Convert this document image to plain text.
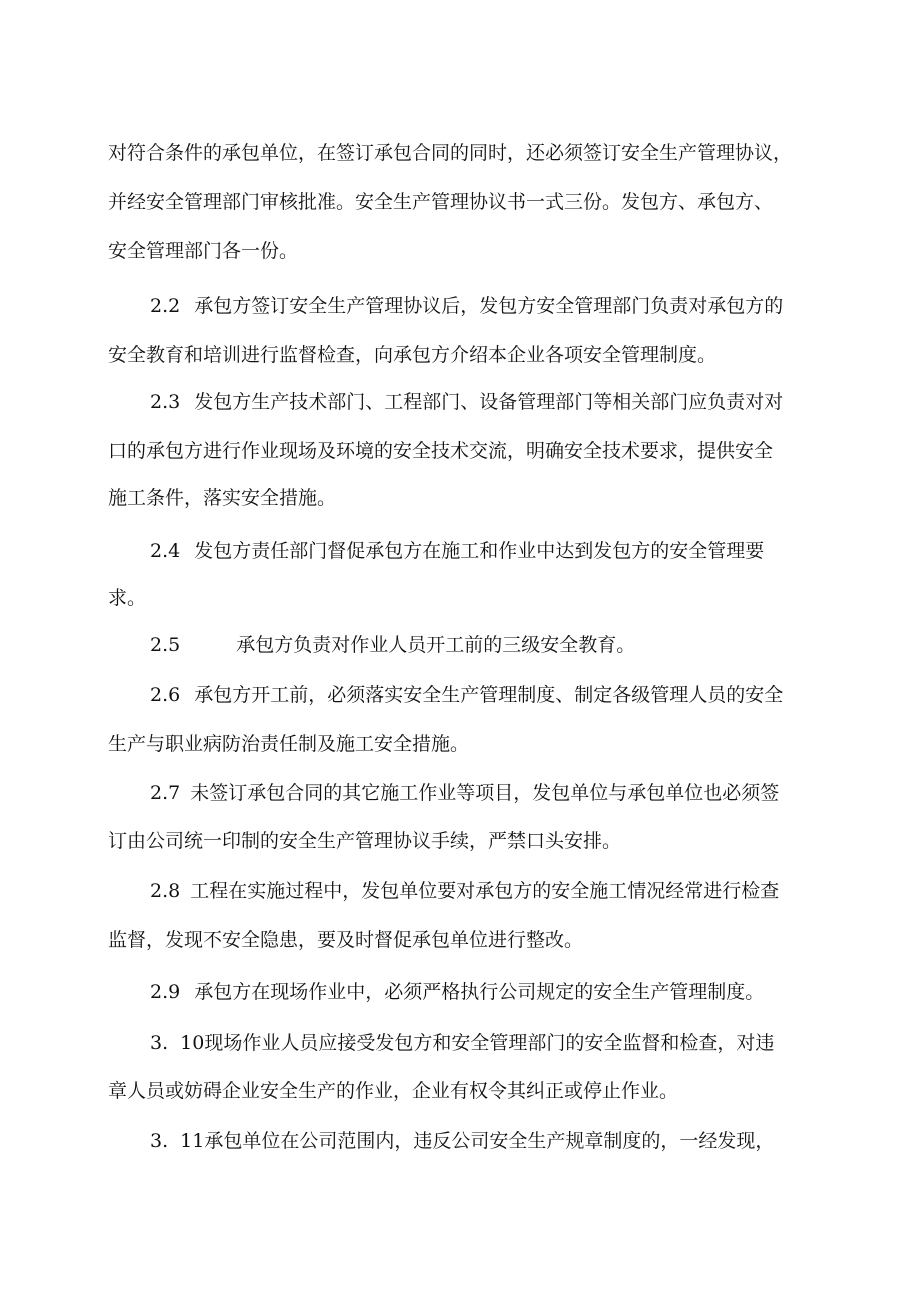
对符合条件的承包单位，在签订承包合同的同时，还必须签订安全生产管理协议，
并经安全管理部门审核批准。安全生产管理协议书一式三份。发包方、承包方、
安全管理部门各一份。
2.2 承包方签订安全生产管理协议后，发包方安全管理部门负责对承包方的
安全教育和培训进行监督检查，向承包方介绍本企业各项安全管理制度。
2.3 发包方生产技术部门、工程部门、设备管理部门等相关部门应负责对对
口的承包方进行作业现场及环境的安全技术交流，明确安全技术要求，提供安全
施工条件，落实安全措施。
2.4 发包方责任部门督促承包方在施工和作业中达到发包方的安全管理要
求。
2.5	承包方负责对作业人员开工前的三级安全教育。
2.6 承包方开工前，必须落实安全生产管理制度、制定各级管理人员的安全
生产与职业病防治责任制及施工安全措施。
2.7 未签订承包合同的其它施工作业等项目，发包单位与承包单位也必须签
订由公司统一印制的安全生产管理协议手续，严禁口头安排。
2.8 工程在实施过程中，发包单位要对承包方的安全施工情况经常进行检查
监督，发现不安全隐患，要及时督促承包单位进行整改。
2.9 承包方在现场作业中，必须严格执行公司规定的安全生产管理制度。
3. 10现场作业人员应接受发包方和安全管理部门的安全监督和检查，对违
章人员或妨碍企业安全生产的作业，企业有权令其纠正或停止作业。
3. 11承包单位在公司范围内，违反公司安全生产规章制度的，一经发现，
